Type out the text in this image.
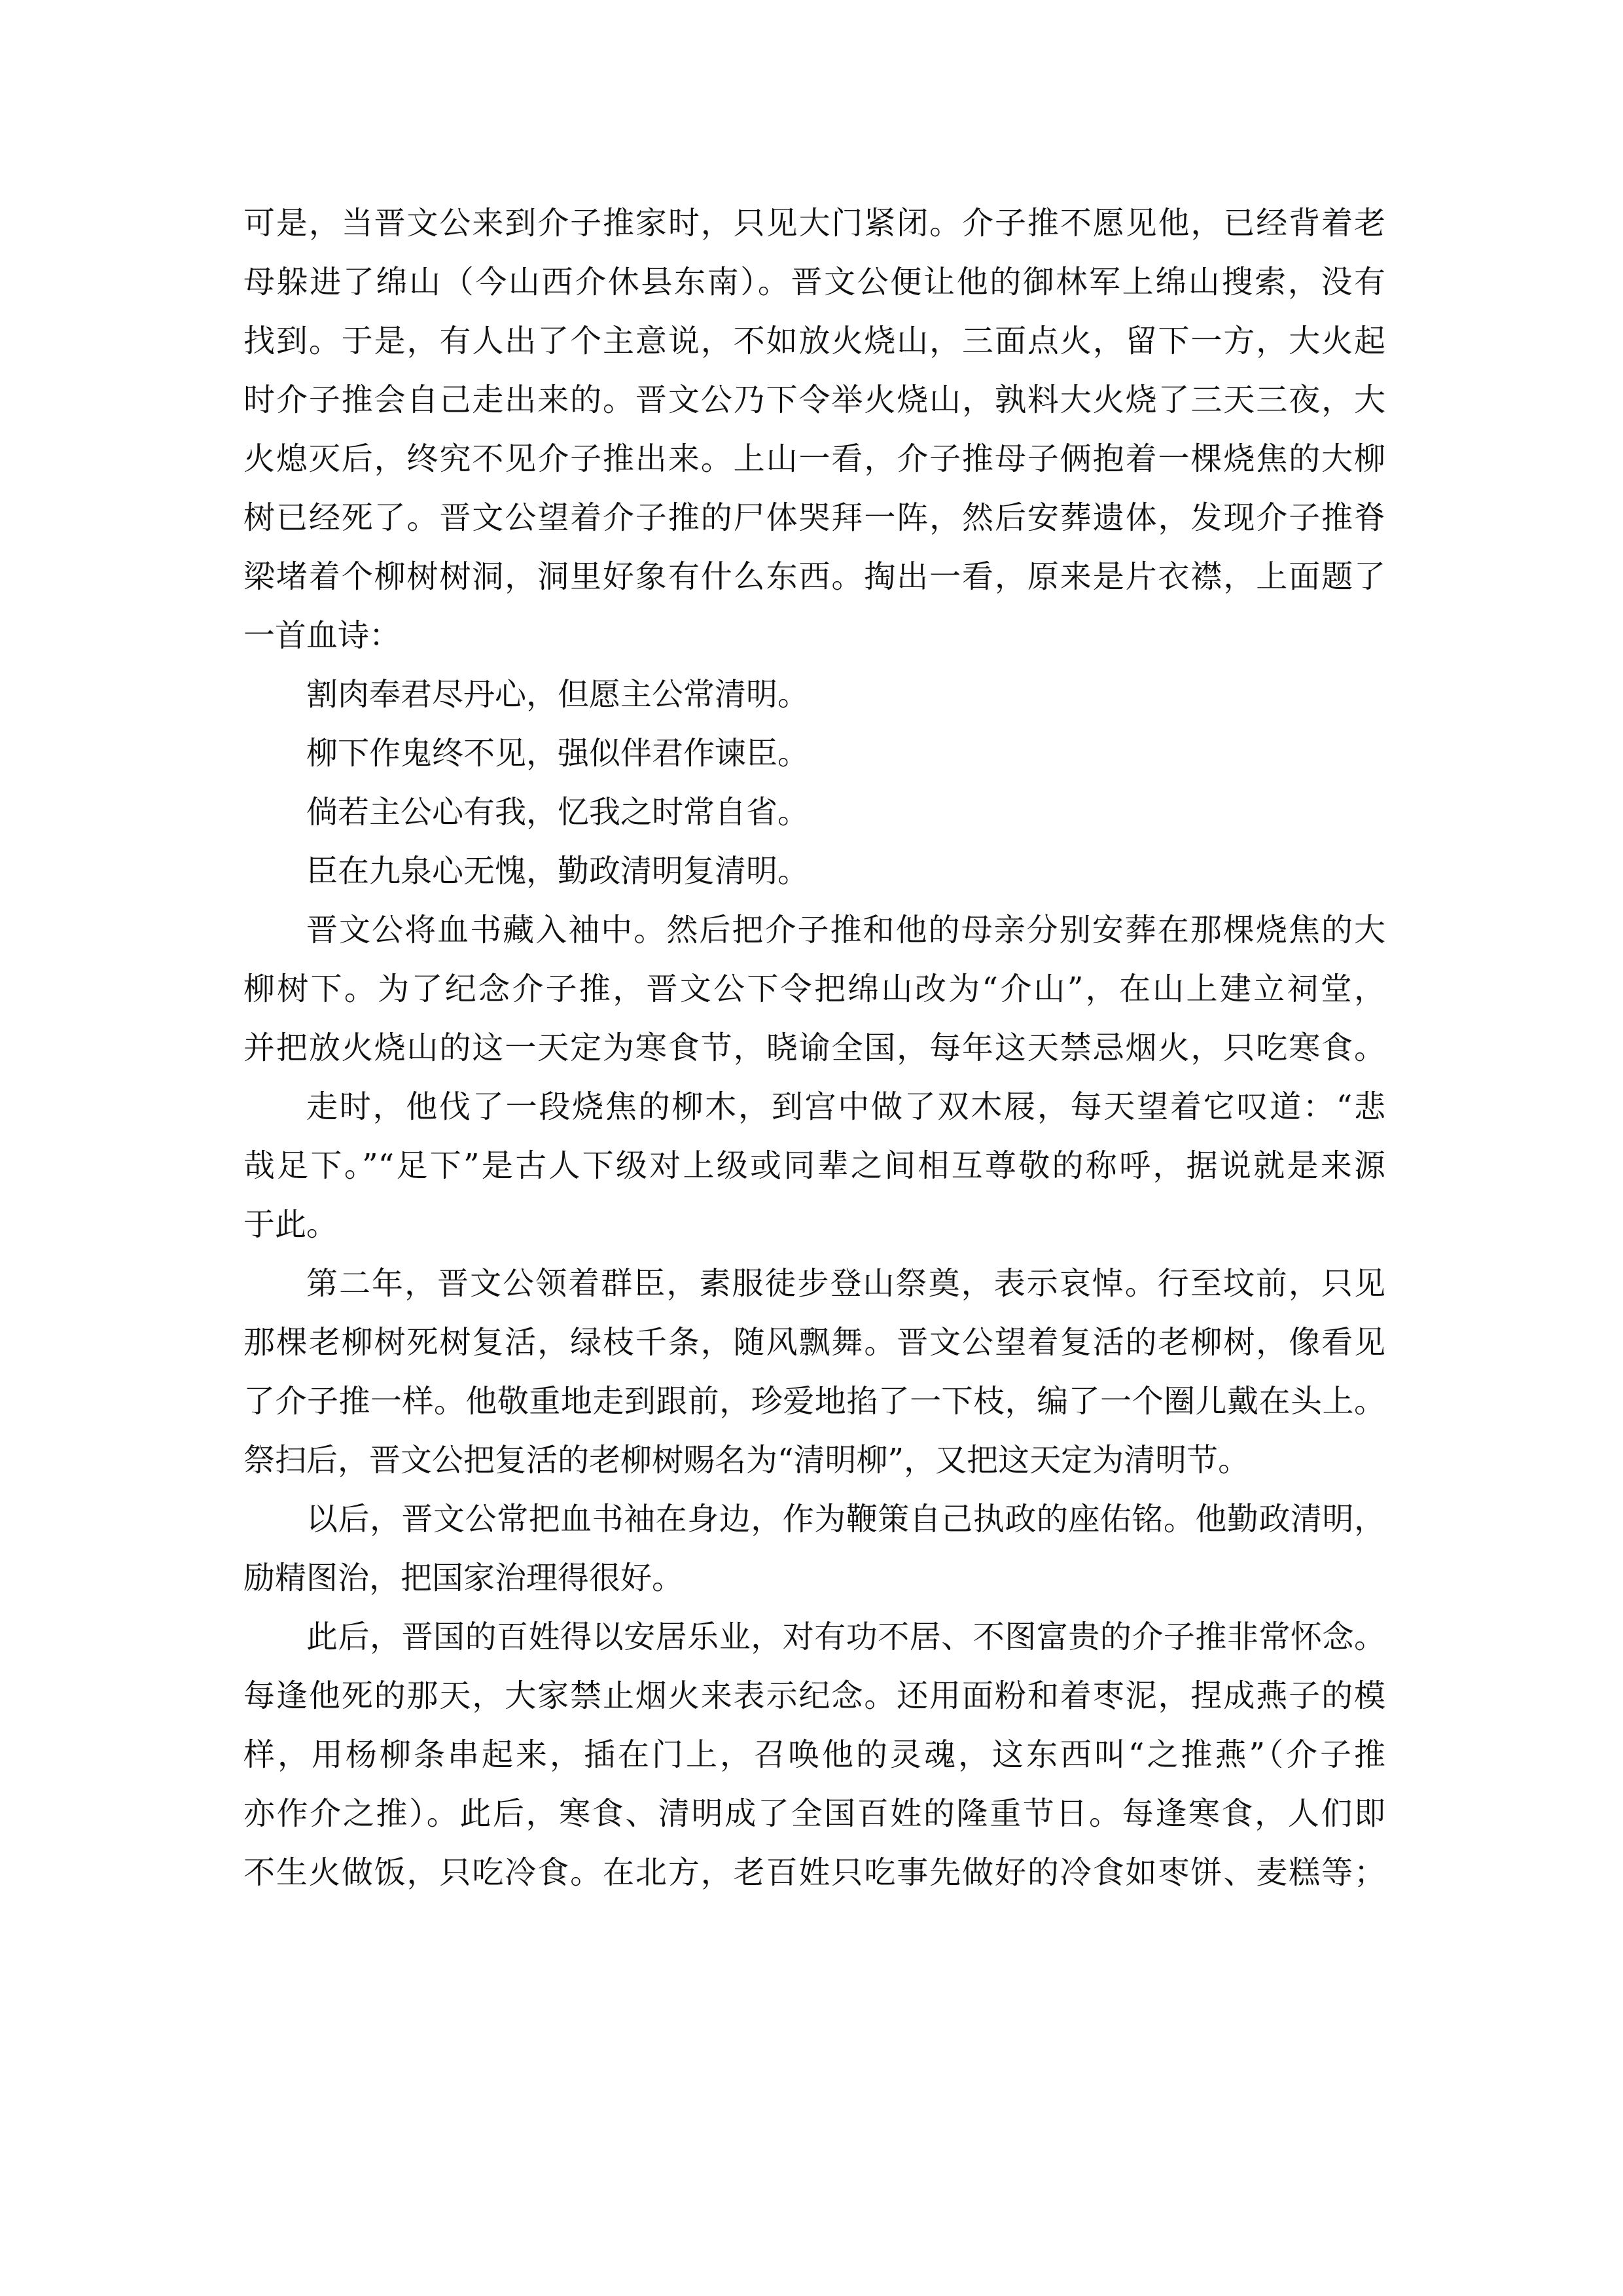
可是，当晋文公来到介子推家时，只见大门紧闭。介子推不愿见他，已经背着老
母躲进了绵山（今山西介休县东南）。晋文公便让他的御林军上绵山搜索，没有
找到。于是，有人出了个主意说，不如放火烧山，三面点火，留下一方，大火起
时介子推会自己走出来的。晋文公乃下令举火烧山，孰料大火烧了三天三夜，大
火熄灭后，终究不见介子推出来。上山一看，介子推母子俩抱着一棵烧焦的大柳
树已经死了。晋文公望着介子推的尸体哭拜一阵，然后安葬遗体，发现介子推脊
梁堵着个柳树树洞，洞里好象有什么东西。掏出一看，原来是片衣襟，上面题了
一首血诗：
割肉奉君尽丹心，但愿主公常清明。
柳下作鬼终不见，强似伴君作谏臣。
倘若主公心有我，忆我之时常自省。
臣在九泉心无愧，勤政清明复清明。
晋文公将血书藏入袖中。然后把介子推和他的母亲分别安葬在那棵烧焦的大
柳树下。为了纪念介子推，晋文公下令把绵山改为“介山”，在山上建立祠堂，
并把放火烧山的这一天定为寒食节，晓谕全国，每年这天禁忌烟火，只吃寒食。
走时，他伐了一段烧焦的柳木，到宫中做了双木屐，每天望着它叹道：“悲
哉足下。”“足下”是古人下级对上级或同辈之间相互尊敬的称呼，据说就是来源
于此。
第二年，晋文公领着群臣，素服徒步登山祭奠，表示哀悼。行至坟前，只见
那棵老柳树死树复活，绿枝千条，随风飘舞。晋文公望着复活的老柳树，像看见
了介子推一样。他敬重地走到跟前，珍爱地掐了一下枝，编了一个圈儿戴在头上。
祭扫后，晋文公把复活的老柳树赐名为“清明柳”，又把这天定为清明节。
以后，晋文公常把血书袖在身边，作为鞭策自己执政的座佑铭。他勤政清明，
励精图治，把国家治理得很好。
此后，晋国的百姓得以安居乐业，对有功不居、不图富贵的介子推非常怀念。
每逢他死的那天，大家禁止烟火来表示纪念。还用面粉和着枣泥，捏成燕子的模
样，用杨柳条串起来，插在门上，召唤他的灵魂，这东西叫“之推燕”（介子推
亦作介之推）。此后，寒食、清明成了全国百姓的隆重节日。每逢寒食，人们即
不生火做饭，只吃冷食。在北方，老百姓只吃事先做好的冷食如枣饼、麦糕等；
